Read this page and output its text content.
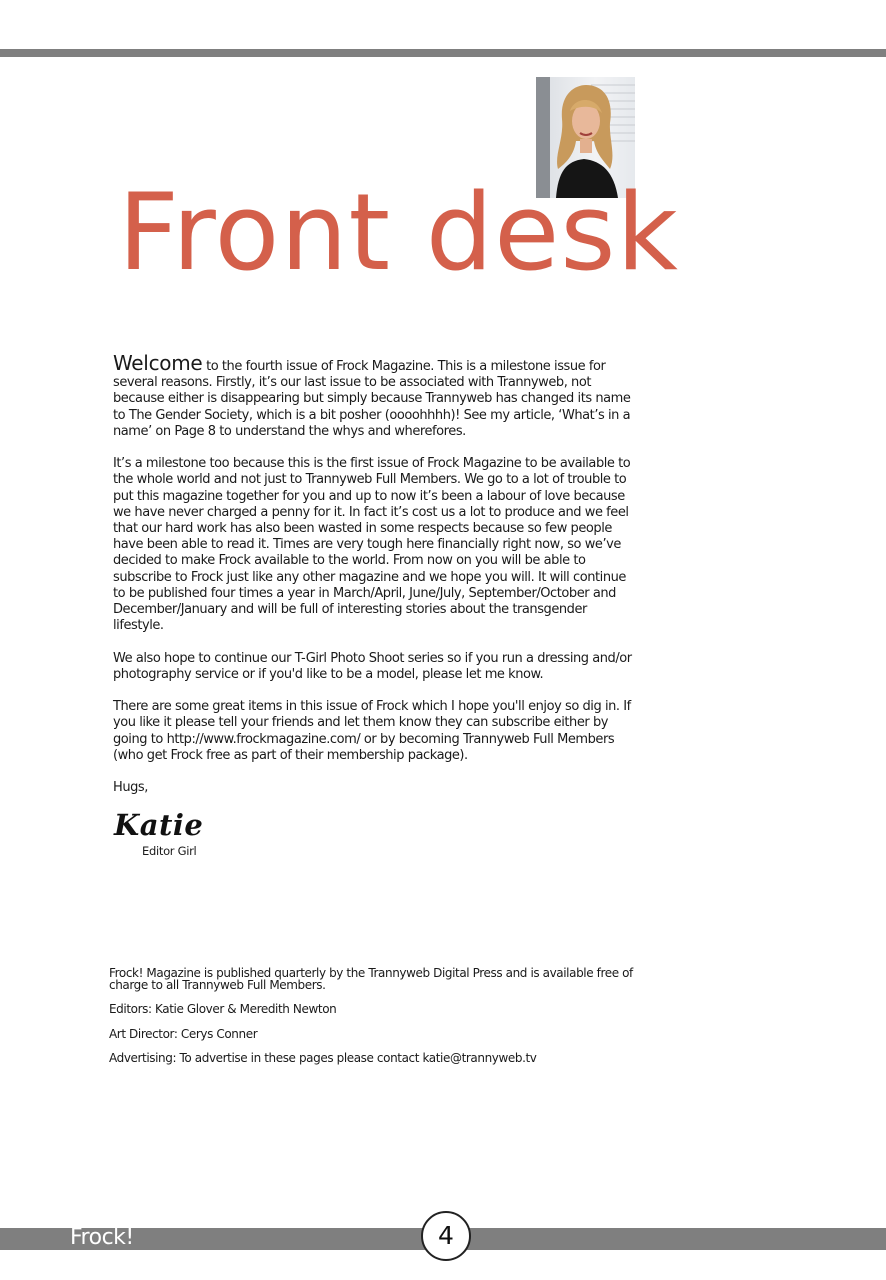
Front desk

Welcome to the fourth issue of Frock Magazine. This is a milestone issue for several reasons. Firstly, it’s our last issue to be associated with Trannyweb, not because either is disappearing but simply because Trannyweb has changed its name to The Gender Society, which is a bit posher (oooohhhh)! See my article, ‘What’s in a name’ on Page 8 to understand the whys and wherefores.

It’s a milestone too because this is the first issue of Frock Magazine to be available to the whole world and not just to Trannyweb Full Members. We go to a lot of trouble to put this magazine together for you and up to now it’s been a labour of love because we have never charged a penny for it. In fact it’s cost us a lot to produce and we feel that our hard work has also been wasted in some respects because so few people have been able to read it. Times are very tough here financially right now, so we’ve decided to make Frock available to the world. From now on you will be able to subscribe to Frock just like any other magazine and we hope you will. It will continue to be published four times a year in March/April, June/July, September/October and December/January and will be full of interesting stories about the transgender lifestyle.

We also hope to continue our T-Girl Photo Shoot series so if you run a dressing and/or photography service or if you'd like to be a model, please let me know.

There are some great items in this issue of Frock which I hope you'll enjoy so dig in. If you like it please tell your friends and let them know they can subscribe either by going to http://www.frockmagazine.com/ or by becoming Trannyweb Full Members (who get Frock free as part of their membership package).

Hugs,

Katie
Editor Girl

Frock! Magazine is published quarterly by the Trannyweb Digital Press and is available free of charge to all Trannyweb Full Members.

Editors: Katie Glover & Meredith Newton

Art Director: Cerys Conner

Advertising: To advertise in these pages please contact katie@trannyweb.tv

Frock!	4
